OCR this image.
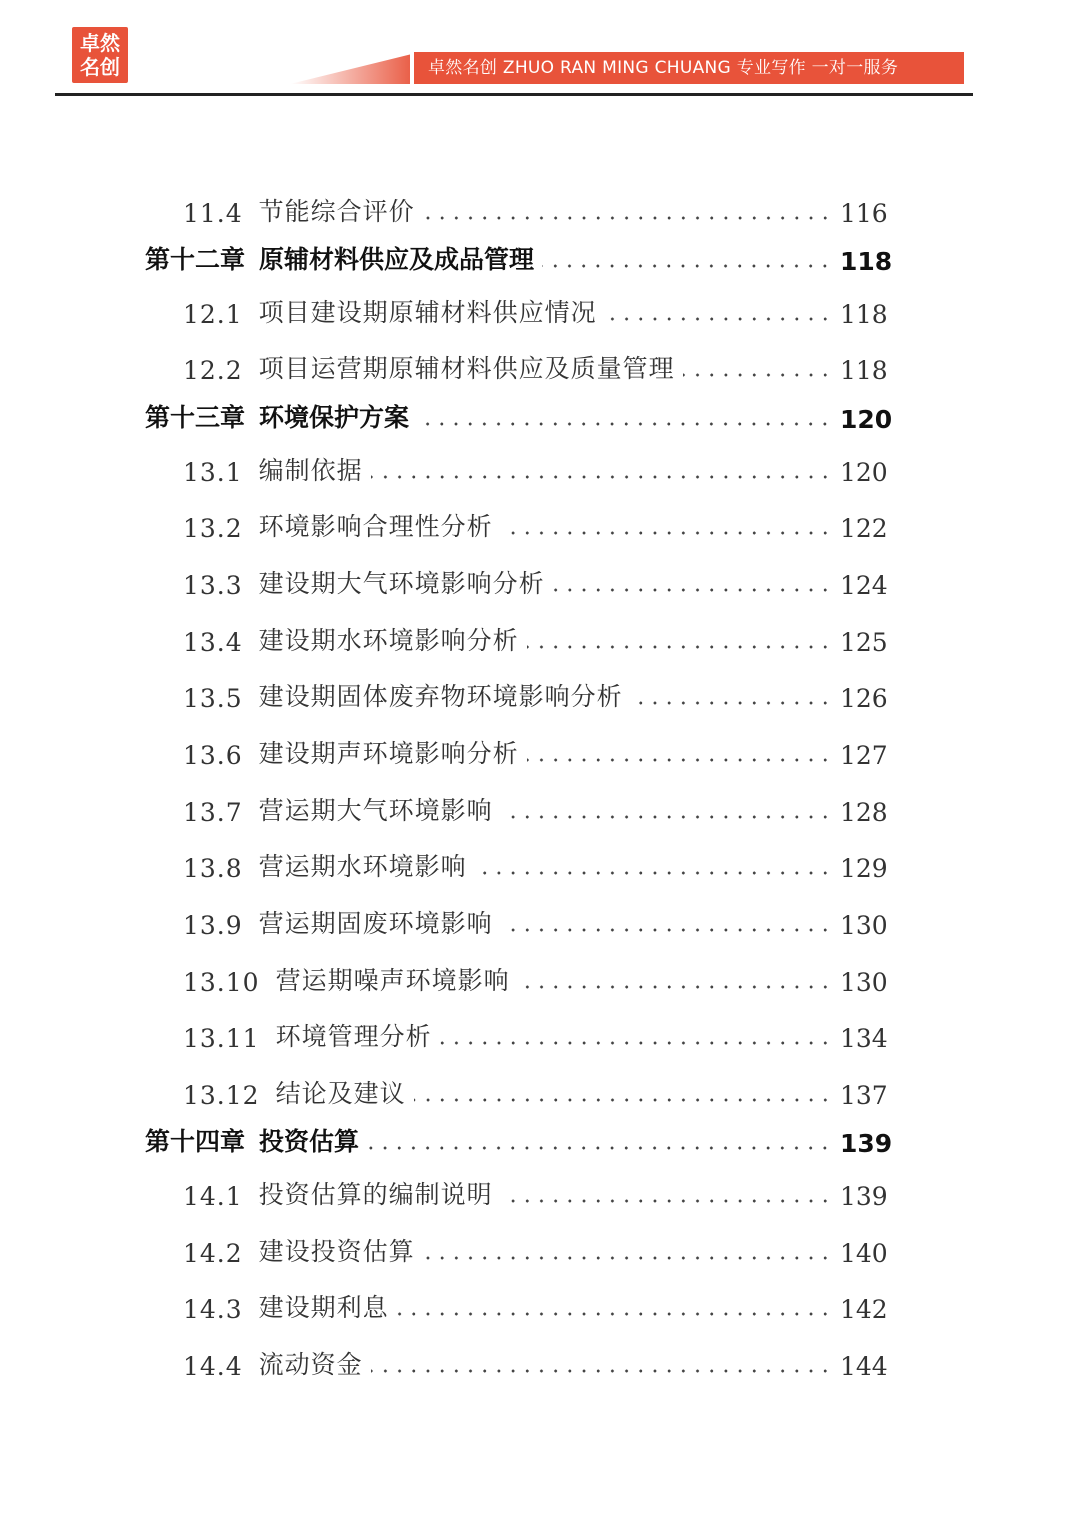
卓然
名创	卓然名创 ZHUO RAN MING CHUANG 专业写作 一对一服务
11.4 节能综合评价	116
第十二章 原辅材料供应及成品管理	118
12.1 项目建设期原辅材料供应情况	118
12.2 项目运营期原辅材料供应及质量管理	118
第十三章 环境保护方案	120
13.1 编制依据	120
13.2 环境影响合理性分析	122
13.3 建设期大气环境影响分析	124
13.4 建设期水环境影响分析	125
13.5 建设期固体废弃物环境影响分析	126
13.6 建设期声环境影响分析	127
13.7 营运期大气环境影响	128
13.8 营运期水环境影响	129
13.9 营运期固废环境影响	130
13.10 营运期噪声环境影响	130
13.11 环境管理分析	134
13.12 结论及建议	137
第十四章 投资估算	139
14.1 投资估算的编制说明	139
14.2 建设投资估算	140
14.3 建设期利息	142
14.4 流动资金	144
